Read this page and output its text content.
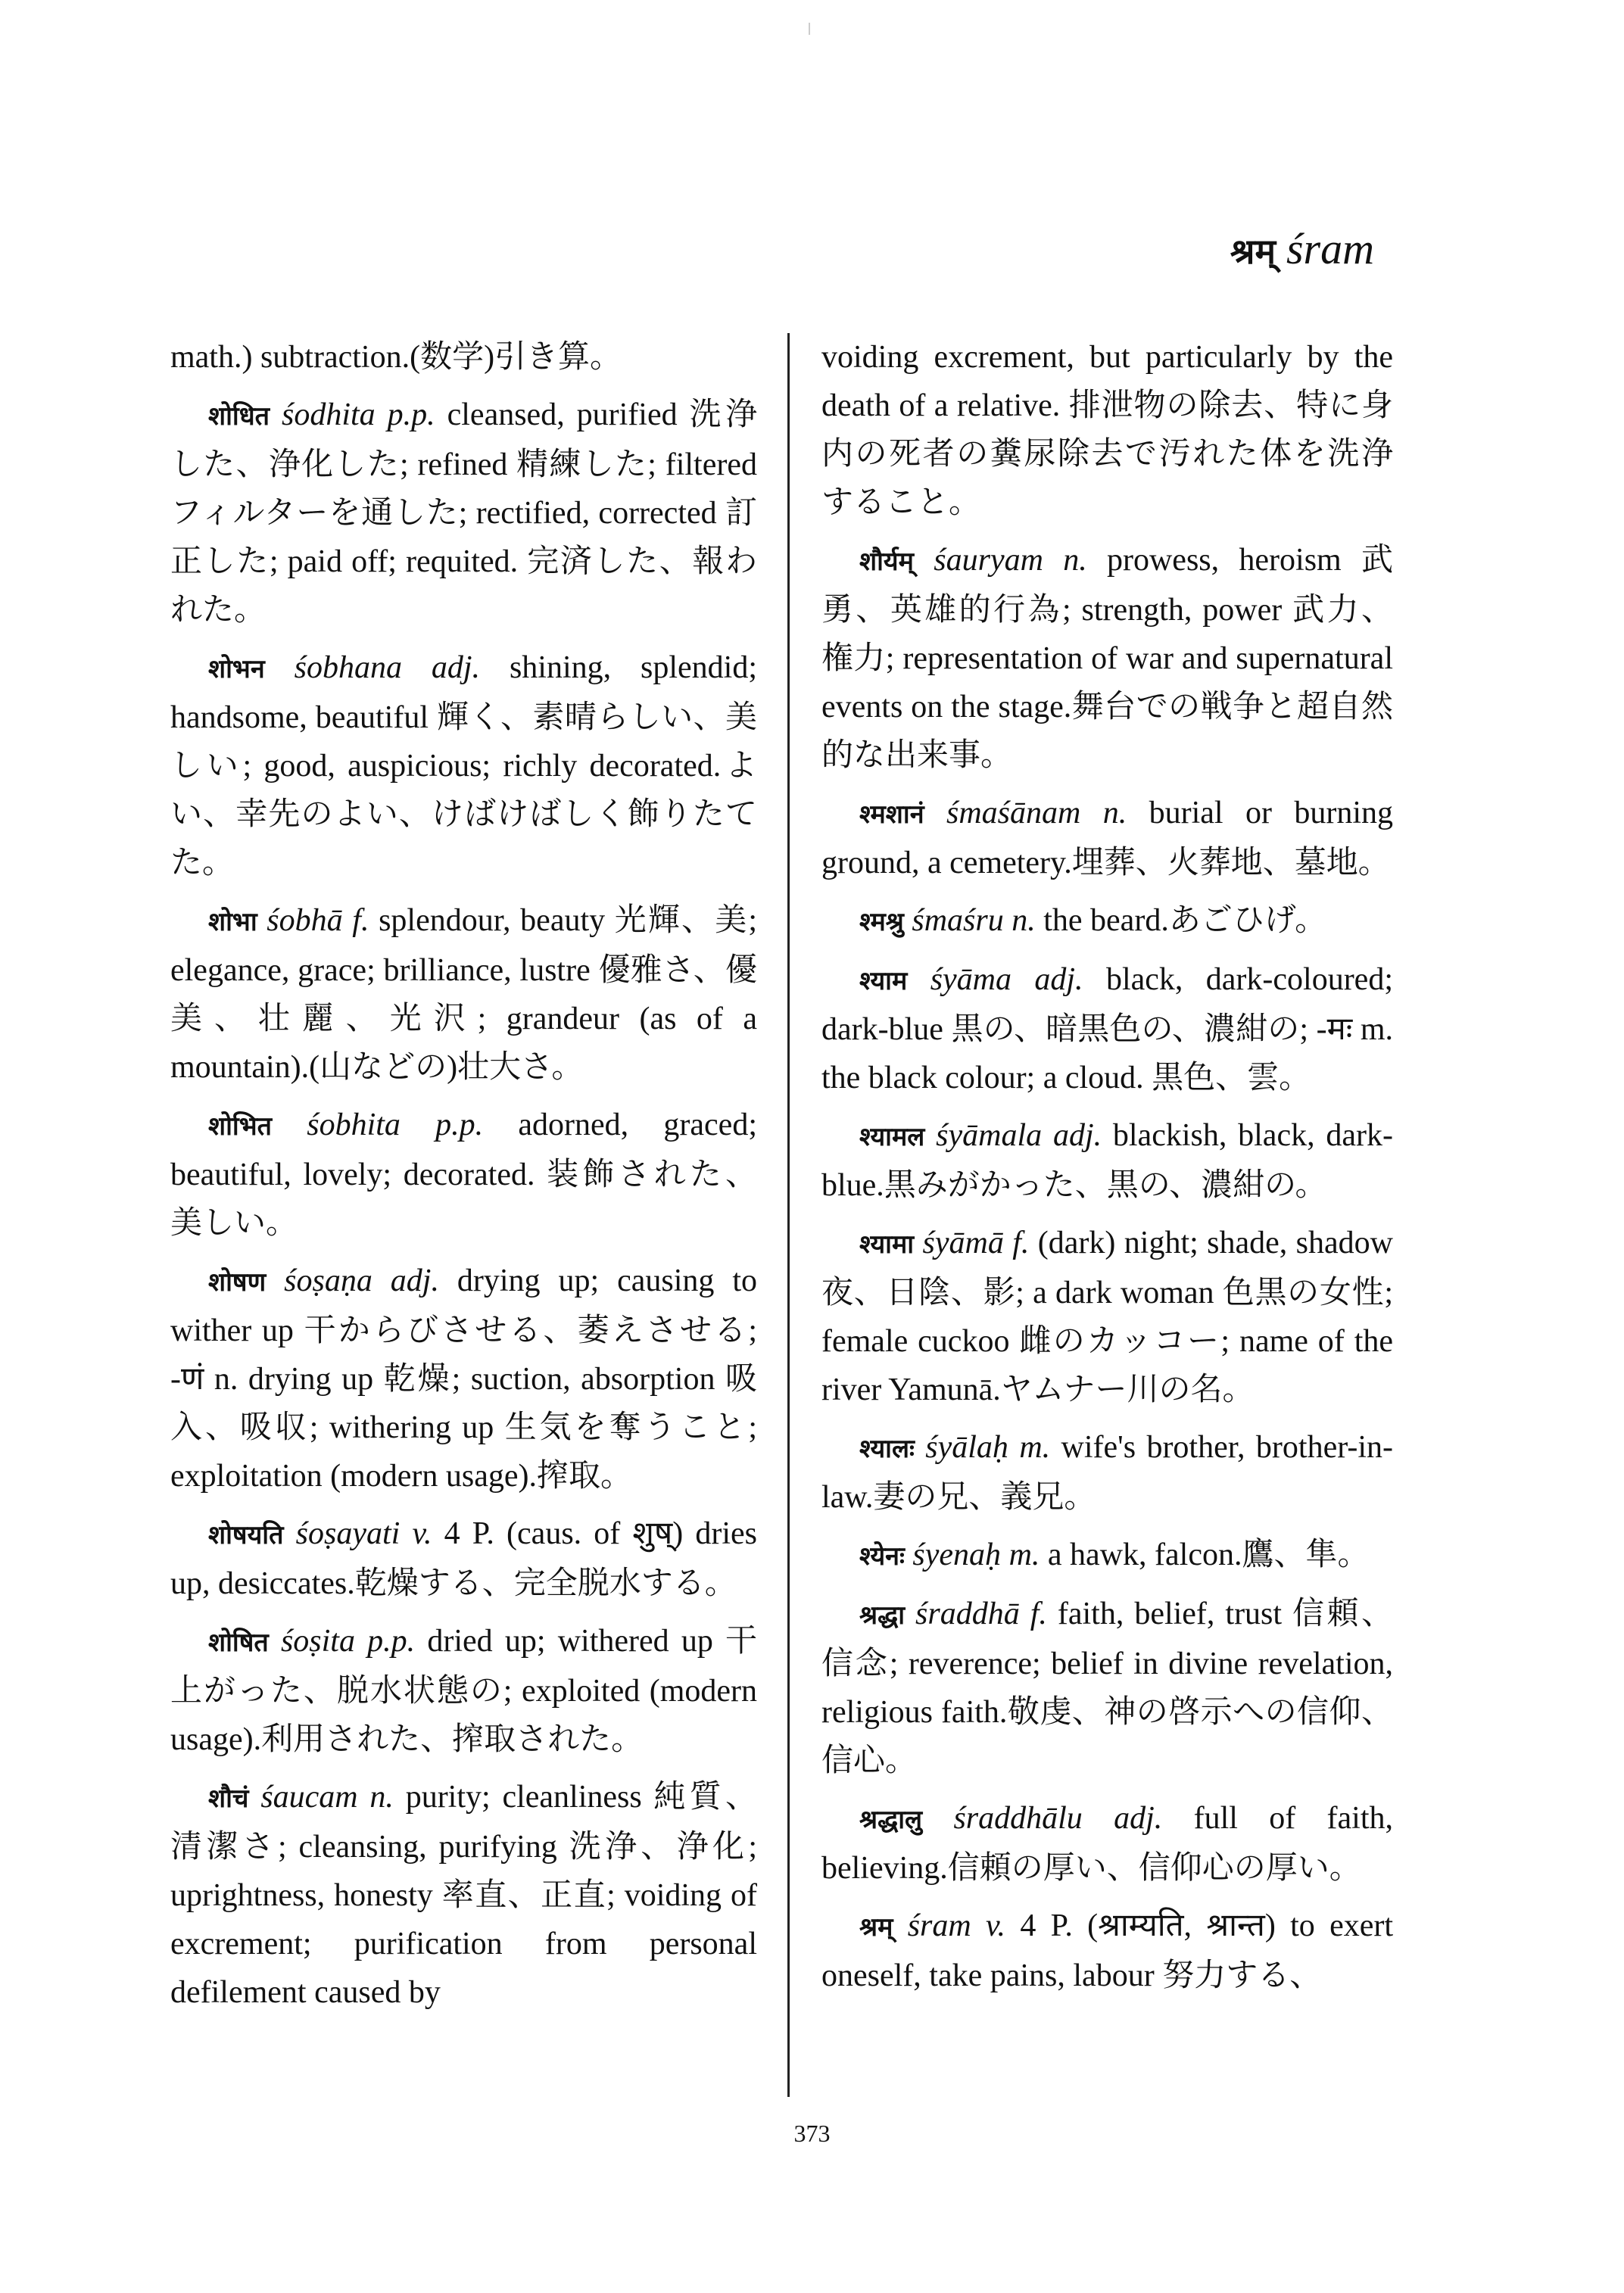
श्रम् śram

math.) subtraction.(数学)引き算。

शोधित śodhita p.p. cleansed, purified 洗浄した、浄化した; refined 精練した; filtered フィルターを通した; rectified, corrected 訂正した; paid off; requited. 完済した、報われた。

शोभन śobhana adj. shining, splendid; handsome, beautiful 輝く、素晴らしい、美しい; good, auspicious; richly decorated.よい、幸先のよい、けばけばしく飾りたてた。

शोभा śobhā f. splendour, beauty 光輝、美; elegance, grace; brilliance, lustre 優雅さ、優美、壮麗、光沢; grandeur (as of a mountain).(山などの)壮大さ。

शोभित śobhita p.p. adorned, graced; beautiful, lovely; decorated. 装飾された、美しい。

शोषण śoṣaṇa adj. drying up; causing to wither up 干からびさせる、萎えさせる; -णं n. drying up 乾燥; suction, absorption 吸入、吸収; withering up 生気を奪うこと; exploitation (modern usage).搾取。

शोषयति śoṣayati v. 4 P. (caus. of शुष्) dries up, desiccates.乾燥する、完全脱水する。

शोषित śoṣita p.p. dried up; withered up 干上がった、脱水状態の; exploited (modern usage).利用された、搾取された。

शौचं śaucam n. purity; cleanliness 純質、清潔さ; cleansing, purifying 洗浄、浄化; uprightness, honesty 率直、正直; voiding of excrement; purification from personal defilement caused by

voiding excrement, but particularly by the death of a relative. 排泄物の除去、特に身内の死者の糞尿除去で汚れた体を洗浄すること。

शौर्यम् śauryam n. prowess, heroism 武勇、英雄的行為; strength, power 武力、権力; representation of war and supernatural events on the stage.舞台での戦争と超自然的な出来事。

श्मशानं śmaśānam n. burial or burning ground, a cemetery.埋葬、火葬地、墓地。

श्मश्रु śmaśru n. the beard.あごひげ。

श्याम śyāma adj. black, dark-coloured; dark-blue 黒の、暗黒色の、濃紺の; -मः m. the black colour; a cloud. 黒色、雲。

श्यामल śyāmala adj. blackish, black, dark-blue.黒みがかった、黒の、濃紺の。

श्यामा śyāmā f. (dark) night; shade, shadow 夜、日陰、影; a dark woman 色黒の女性; female cuckoo 雌のカッコー; name of the river Yamunā.ヤムナー川の名。

श्यालः śyālaḥ m. wife's brother, brother-in-law.妻の兄、義兄。

श्येनः śyenaḥ m. a hawk, falcon.鷹、隼。

श्रद्धा śraddhā f. faith, belief, trust 信頼、信念; reverence; belief in divine revelation, religious faith.敬虔、神の啓示への信仰、信心。

श्रद्धालु śraddhālu adj. full of faith, believing.信頼の厚い、信仰心の厚い。

श्रम् śram v. 4 P. (श्राम्यति, श्रान्त) to exert oneself, take pains, labour 努力する、

373
